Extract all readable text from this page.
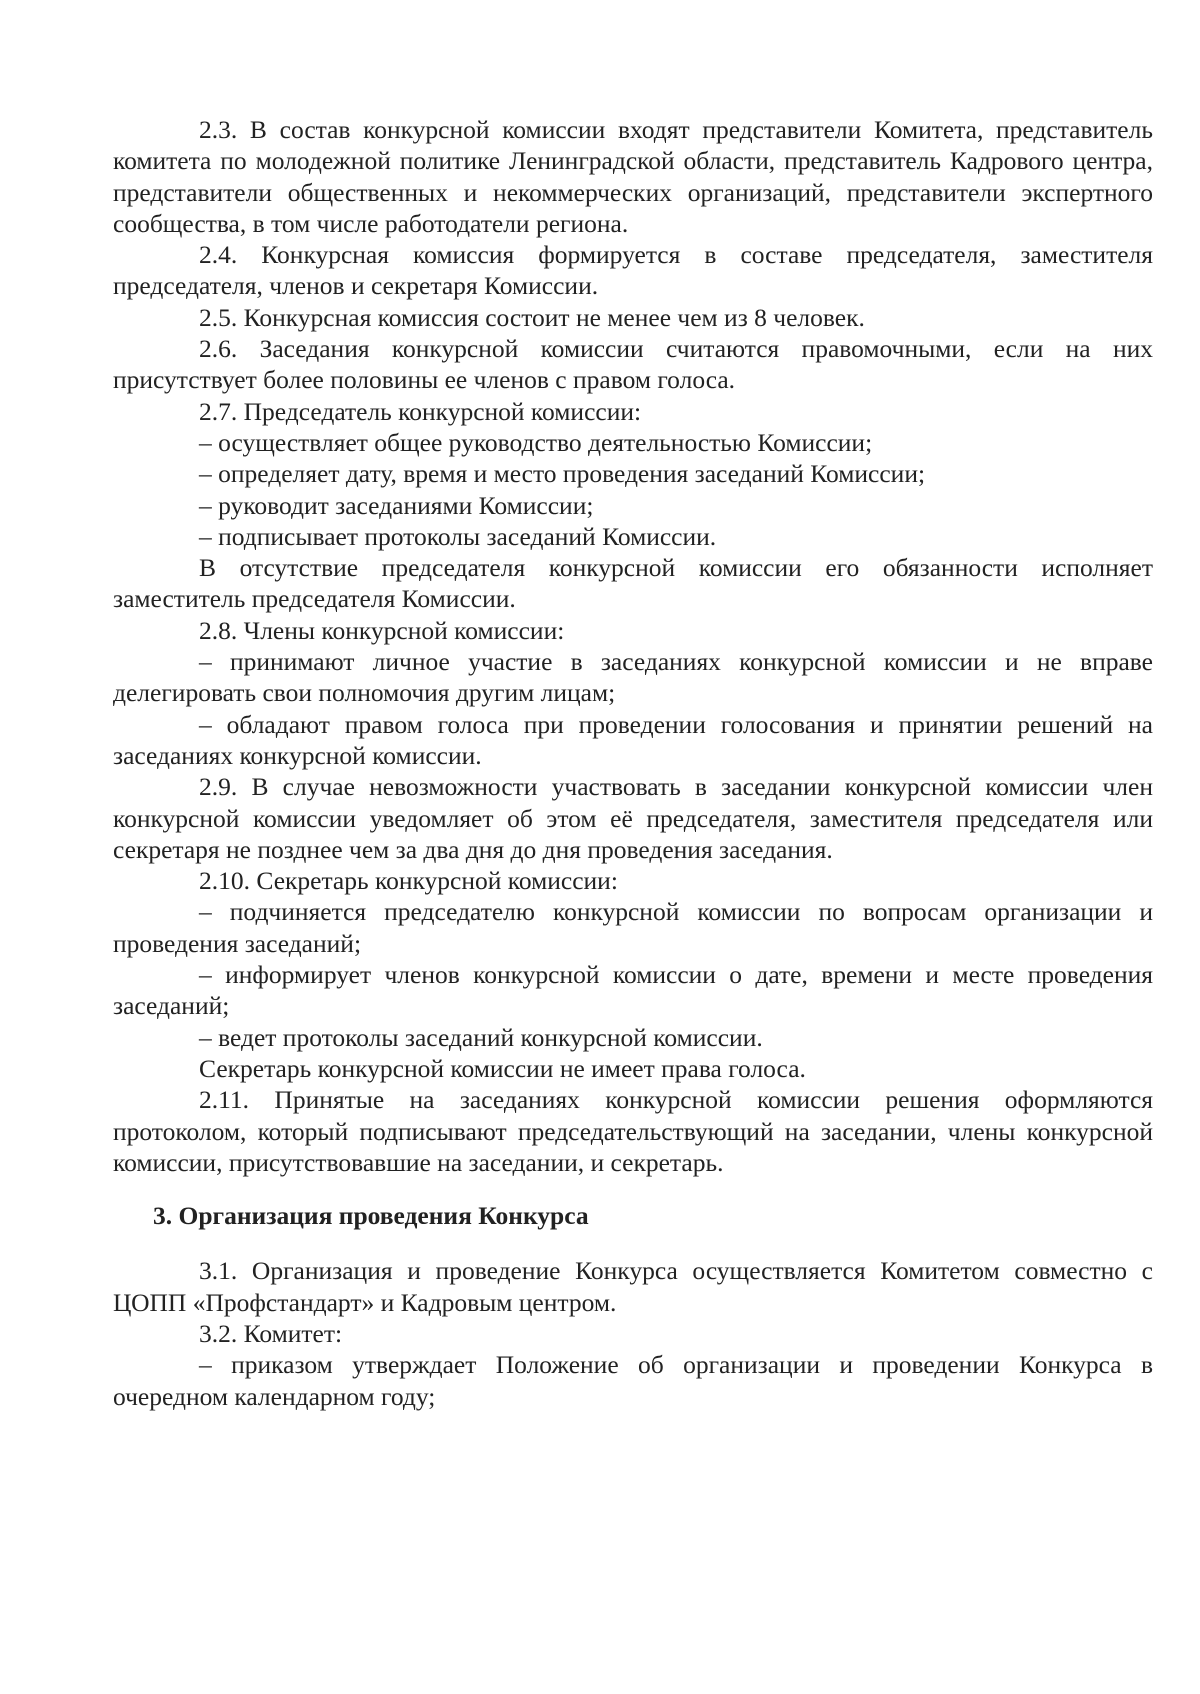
2.3. В состав конкурсной комиссии входят представители Комитета, представитель комитета по молодежной политике Ленинградской области, представитель Кадрового центра, представители общественных и некоммерческих организаций, представители экспертного сообщества, в том числе работодатели региона.

2.4. Конкурсная комиссия формируется в составе председателя, заместителя председателя, членов и секретаря Комиссии.

2.5. Конкурсная комиссия состоит не менее чем из 8 человек.

2.6. Заседания конкурсной комиссии считаются правомочными, если на них присутствует более половины ее членов с правом голоса.

2.7. Председатель конкурсной комиссии:

– осуществляет общее руководство деятельностью Комиссии;

– определяет дату, время и место проведения заседаний Комиссии;

– руководит заседаниями Комиссии;

– подписывает протоколы заседаний Комиссии.

В отсутствие председателя конкурсной комиссии его обязанности исполняет заместитель председателя Комиссии.

2.8. Члены конкурсной комиссии:

– принимают личное участие в заседаниях конкурсной комиссии и не вправе делегировать свои полномочия другим лицам;

– обладают правом голоса при проведении голосования и принятии решений на заседаниях конкурсной комиссии.

2.9. В случае невозможности участвовать в заседании конкурсной комиссии член конкурсной комиссии уведомляет об этом её председателя, заместителя председателя или секретаря не позднее чем за два дня до дня проведения заседания.

2.10. Секретарь конкурсной комиссии:

– подчиняется председателю конкурсной комиссии по вопросам организации и проведения заседаний;

– информирует членов конкурсной комиссии о дате, времени и месте проведения заседаний;

– ведет протоколы заседаний конкурсной комиссии.

Секретарь конкурсной комиссии не имеет права голоса.

2.11. Принятые на заседаниях конкурсной комиссии решения оформляются протоколом, который подписывают председательствующий на заседании, члены конкурсной комиссии, присутствовавшие на заседании, и секретарь.

3. Организация проведения Конкурса

3.1. Организация и проведение Конкурса осуществляется Комитетом совместно с ЦОПП «Профстандарт» и Кадровым центром.

3.2. Комитет:

– приказом утверждает Положение об организации и проведении Конкурса в очередном календарном году;
